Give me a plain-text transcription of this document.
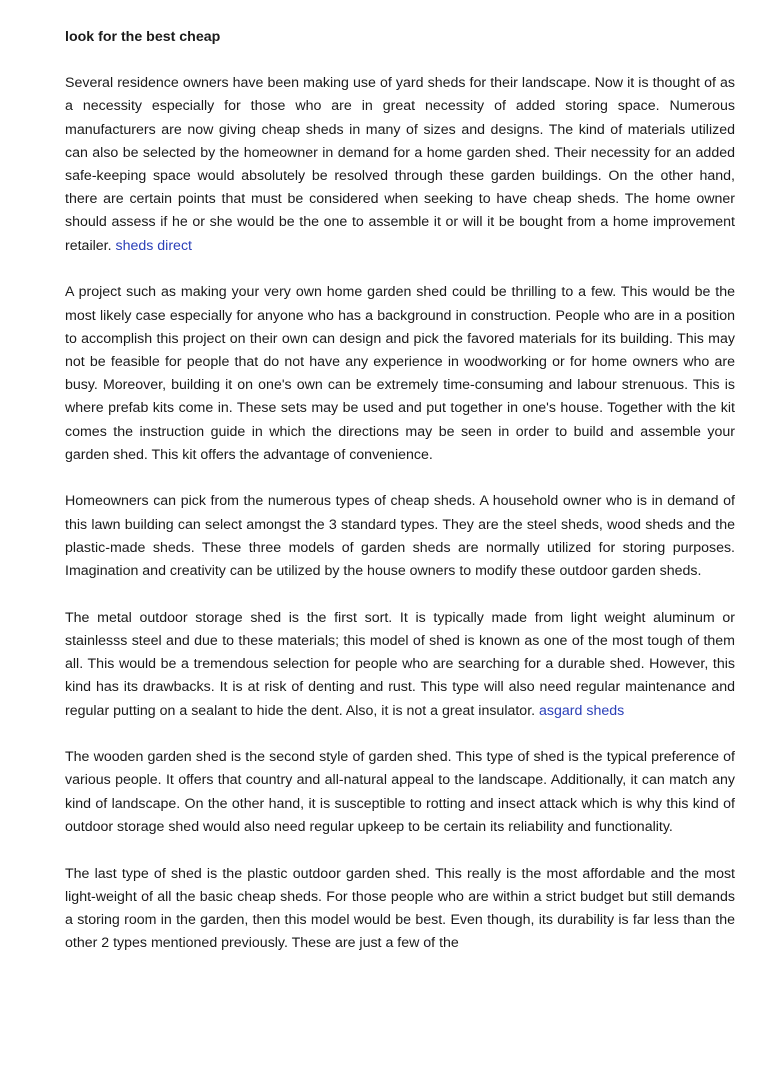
look for the best cheap

Several residence owners have been making use of yard sheds for their landscape. Now it is thought of as a necessity especially for those who are in great necessity of added storing space. Numerous manufacturers are now giving cheap sheds in many of sizes and designs. The kind of materials utilized can also be selected by the homeowner in demand for a home garden shed. Their necessity for an added safe-keeping space would absolutely be resolved through these garden buildings. On the other hand, there are certain points that must be considered when seeking to have cheap sheds. The home owner should assess if he or she would be the one to assemble it or will it be bought from a home improvement retailer. sheds direct

A project such as making your very own home garden shed could be thrilling to a few. This would be the most likely case especially for anyone who has a background in construction. People who are in a position to accomplish this project on their own can design and pick the favored materials for its building. This may not be feasible for people that do not have any experience in woodworking or for home owners who are busy. Moreover, building it on one's own can be extremely time-consuming and labour strenuous. This is where prefab kits come in. These sets may be used and put together in one's house. Together with the kit comes the instruction guide in which the directions may be seen in order to build and assemble your garden shed. This kit offers the advantage of convenience.

Homeowners can pick from the numerous types of cheap sheds. A household owner who is in demand of this lawn building can select amongst the 3 standard types. They are the steel sheds, wood sheds and the plastic-made sheds. These three models of garden sheds are normally utilized for storing purposes. Imagination and creativity can be utilized by the house owners to modify these outdoor garden sheds.

The metal outdoor storage shed is the first sort. It is typically made from light weight aluminum or stainlesss steel and due to these materials; this model of shed is known as one of the most tough of them all. This would be a tremendous selection for people who are searching for a durable shed. However, this kind has its drawbacks. It is at risk of denting and rust. This type will also need regular maintenance and regular putting on a sealant to hide the dent. Also, it is not a great insulator. asgard sheds

The wooden garden shed is the second style of garden shed. This type of shed is the typical preference of various people. It offers that country and all-natural appeal to the landscape. Additionally, it can match any kind of landscape. On the other hand, it is susceptible to rotting and insect attack which is why this kind of outdoor storage shed would also need regular upkeep to be certain its reliability and functionality.

The last type of shed is the plastic outdoor garden shed. This really is the most affordable and the most light-weight of all the basic cheap sheds. For those people who are within a strict budget but still demands a storing room in the garden, then this model would be best. Even though, its durability is far less than the other 2 types mentioned previously. These are just a few of the
